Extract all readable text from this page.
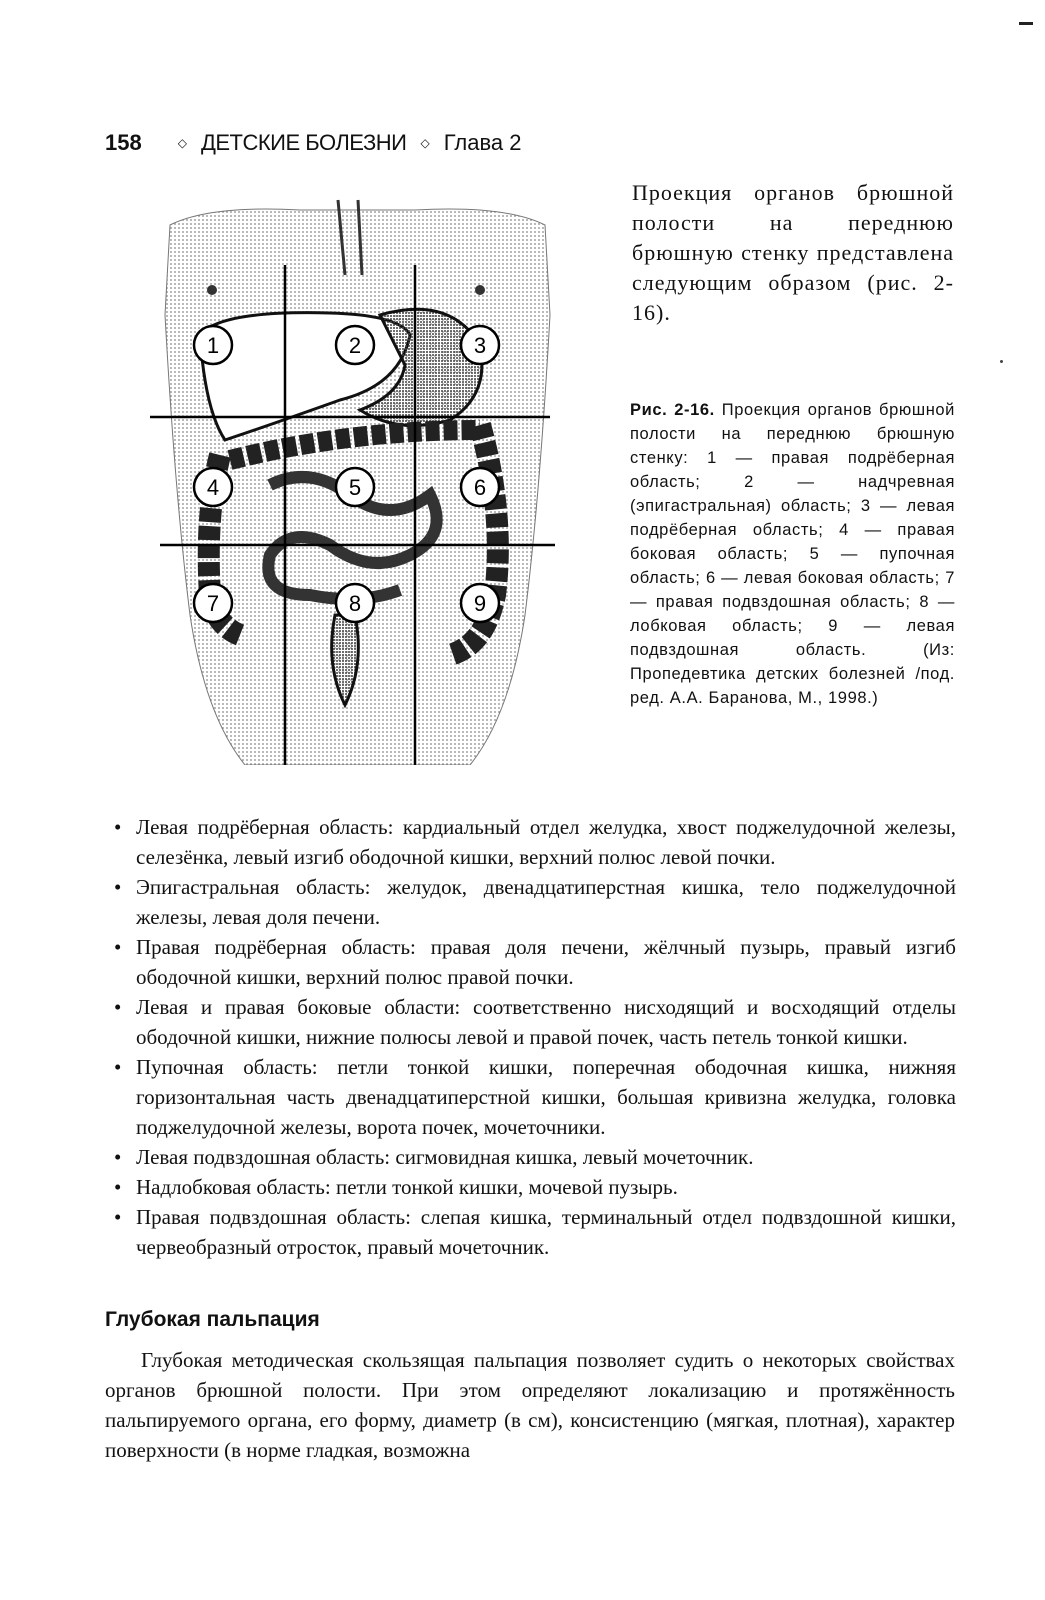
158	◇ ДЕТСКИЕ БОЛЕЗНИ ◇ Глава 2
Проекция органов брюшной полости на переднюю брюшную стенку представлена следующим образом (рис. 2-16).
1	2	3
4	5	6
7	8	9
Рис. 2-16. Проекция органов брюшной полости на переднюю брюшную стенку: 1 — правая подрёберная область; 2 — надчревная (эпигастральная) область; 3 — левая подрёберная область; 4 — правая боковая область; 5 — пупочная область; 6 — левая боковая область; 7 — правая подвздошная область; 8 — лобковая область; 9 — левая подвздошная область. (Из: Пропедевтика детских болезней /под. ред. А.А. Баранова, М., 1998.)
• Левая подрёберная область: кардиальный отдел желудка, хвост поджелудочной железы, селезёнка, левый изгиб ободочной кишки, верхний полюс левой почки.
• Эпигастральная область: желудок, двенадцатиперстная кишка, тело поджелудочной железы, левая доля печени.
• Правая подрёберная область: правая доля печени, жёлчный пузырь, правый изгиб ободочной кишки, верхний полюс правой почки.
• Левая и правая боковые области: соответственно нисходящий и восходящий отделы ободочной кишки, нижние полюсы левой и правой почек, часть петель тонкой кишки.
• Пупочная область: петли тонкой кишки, поперечная ободочная кишка, нижняя горизонтальная часть двенадцатиперстной кишки, большая кривизна желудка, головка поджелудочной железы, ворота почек, мочеточники.
• Левая подвздошная область: сигмовидная кишка, левый мочеточник.
• Надлобковая область: петли тонкой кишки, мочевой пузырь.
• Правая подвздошная область: слепая кишка, терминальный отдел подвздошной кишки, червеобразный отросток, правый мочеточник.
Глубокая пальпация
Глубокая методическая скользящая пальпация позволяет судить о некоторых свойствах органов брюшной полости. При этом определяют локализацию и протяжённость пальпируемого органа, его форму, диаметр (в см), консистенцию (мягкая, плотная), характер поверхности (в норме гладкая, возможна
